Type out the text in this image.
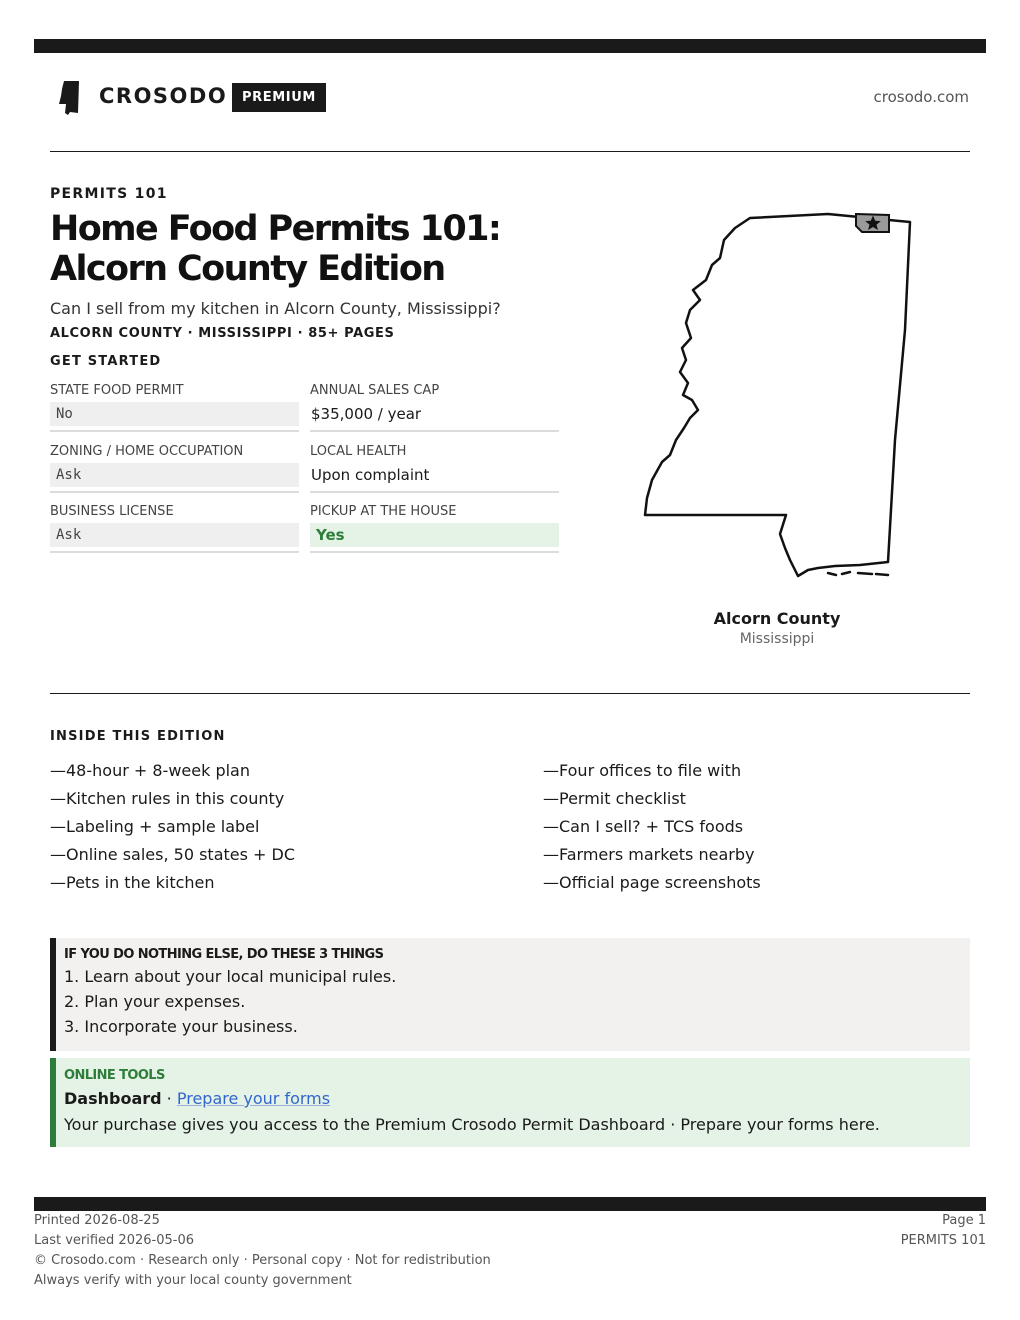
CROSODO	PREMIUM	crosodo.com
PERMITS 101
Home Food Permits 101: Alcorn County Edition
Can I sell from my kitchen in Alcorn County, Mississippi?
ALCORN COUNTY · MISSISSIPPI · 85+ PAGES
GET STARTED
STATE FOOD PERMIT
No
ANNUAL SALES CAP
$35,000 / year
ZONING / HOME OCCUPATION
Ask
LOCAL HEALTH
Upon complaint
BUSINESS LICENSE
Ask
PICKUP AT THE HOUSE
Yes
Alcorn County
Mississippi
INSIDE THIS EDITION
—48-hour + 8-week plan
—Kitchen rules in this county
—Labeling + sample label
—Online sales, 50 states + DC
—Pets in the kitchen
—Four offices to file with
—Permit checklist
—Can I sell? + TCS foods
—Farmers markets nearby
—Official page screenshots
IF YOU DO NOTHING ELSE, DO THESE 3 THINGS
1. Learn about your local municipal rules.
2. Plan your expenses.
3. Incorporate your business.
ONLINE TOOLS
Dashboard · Prepare your forms
Your purchase gives you access to the Premium Crosodo Permit Dashboard · Prepare your forms here.
Printed 2026-08-25
Last verified 2026-05-06
© Crosodo.com · Research only · Personal copy · Not for redistribution
Always verify with your local county government
Page 1
PERMITS 101
